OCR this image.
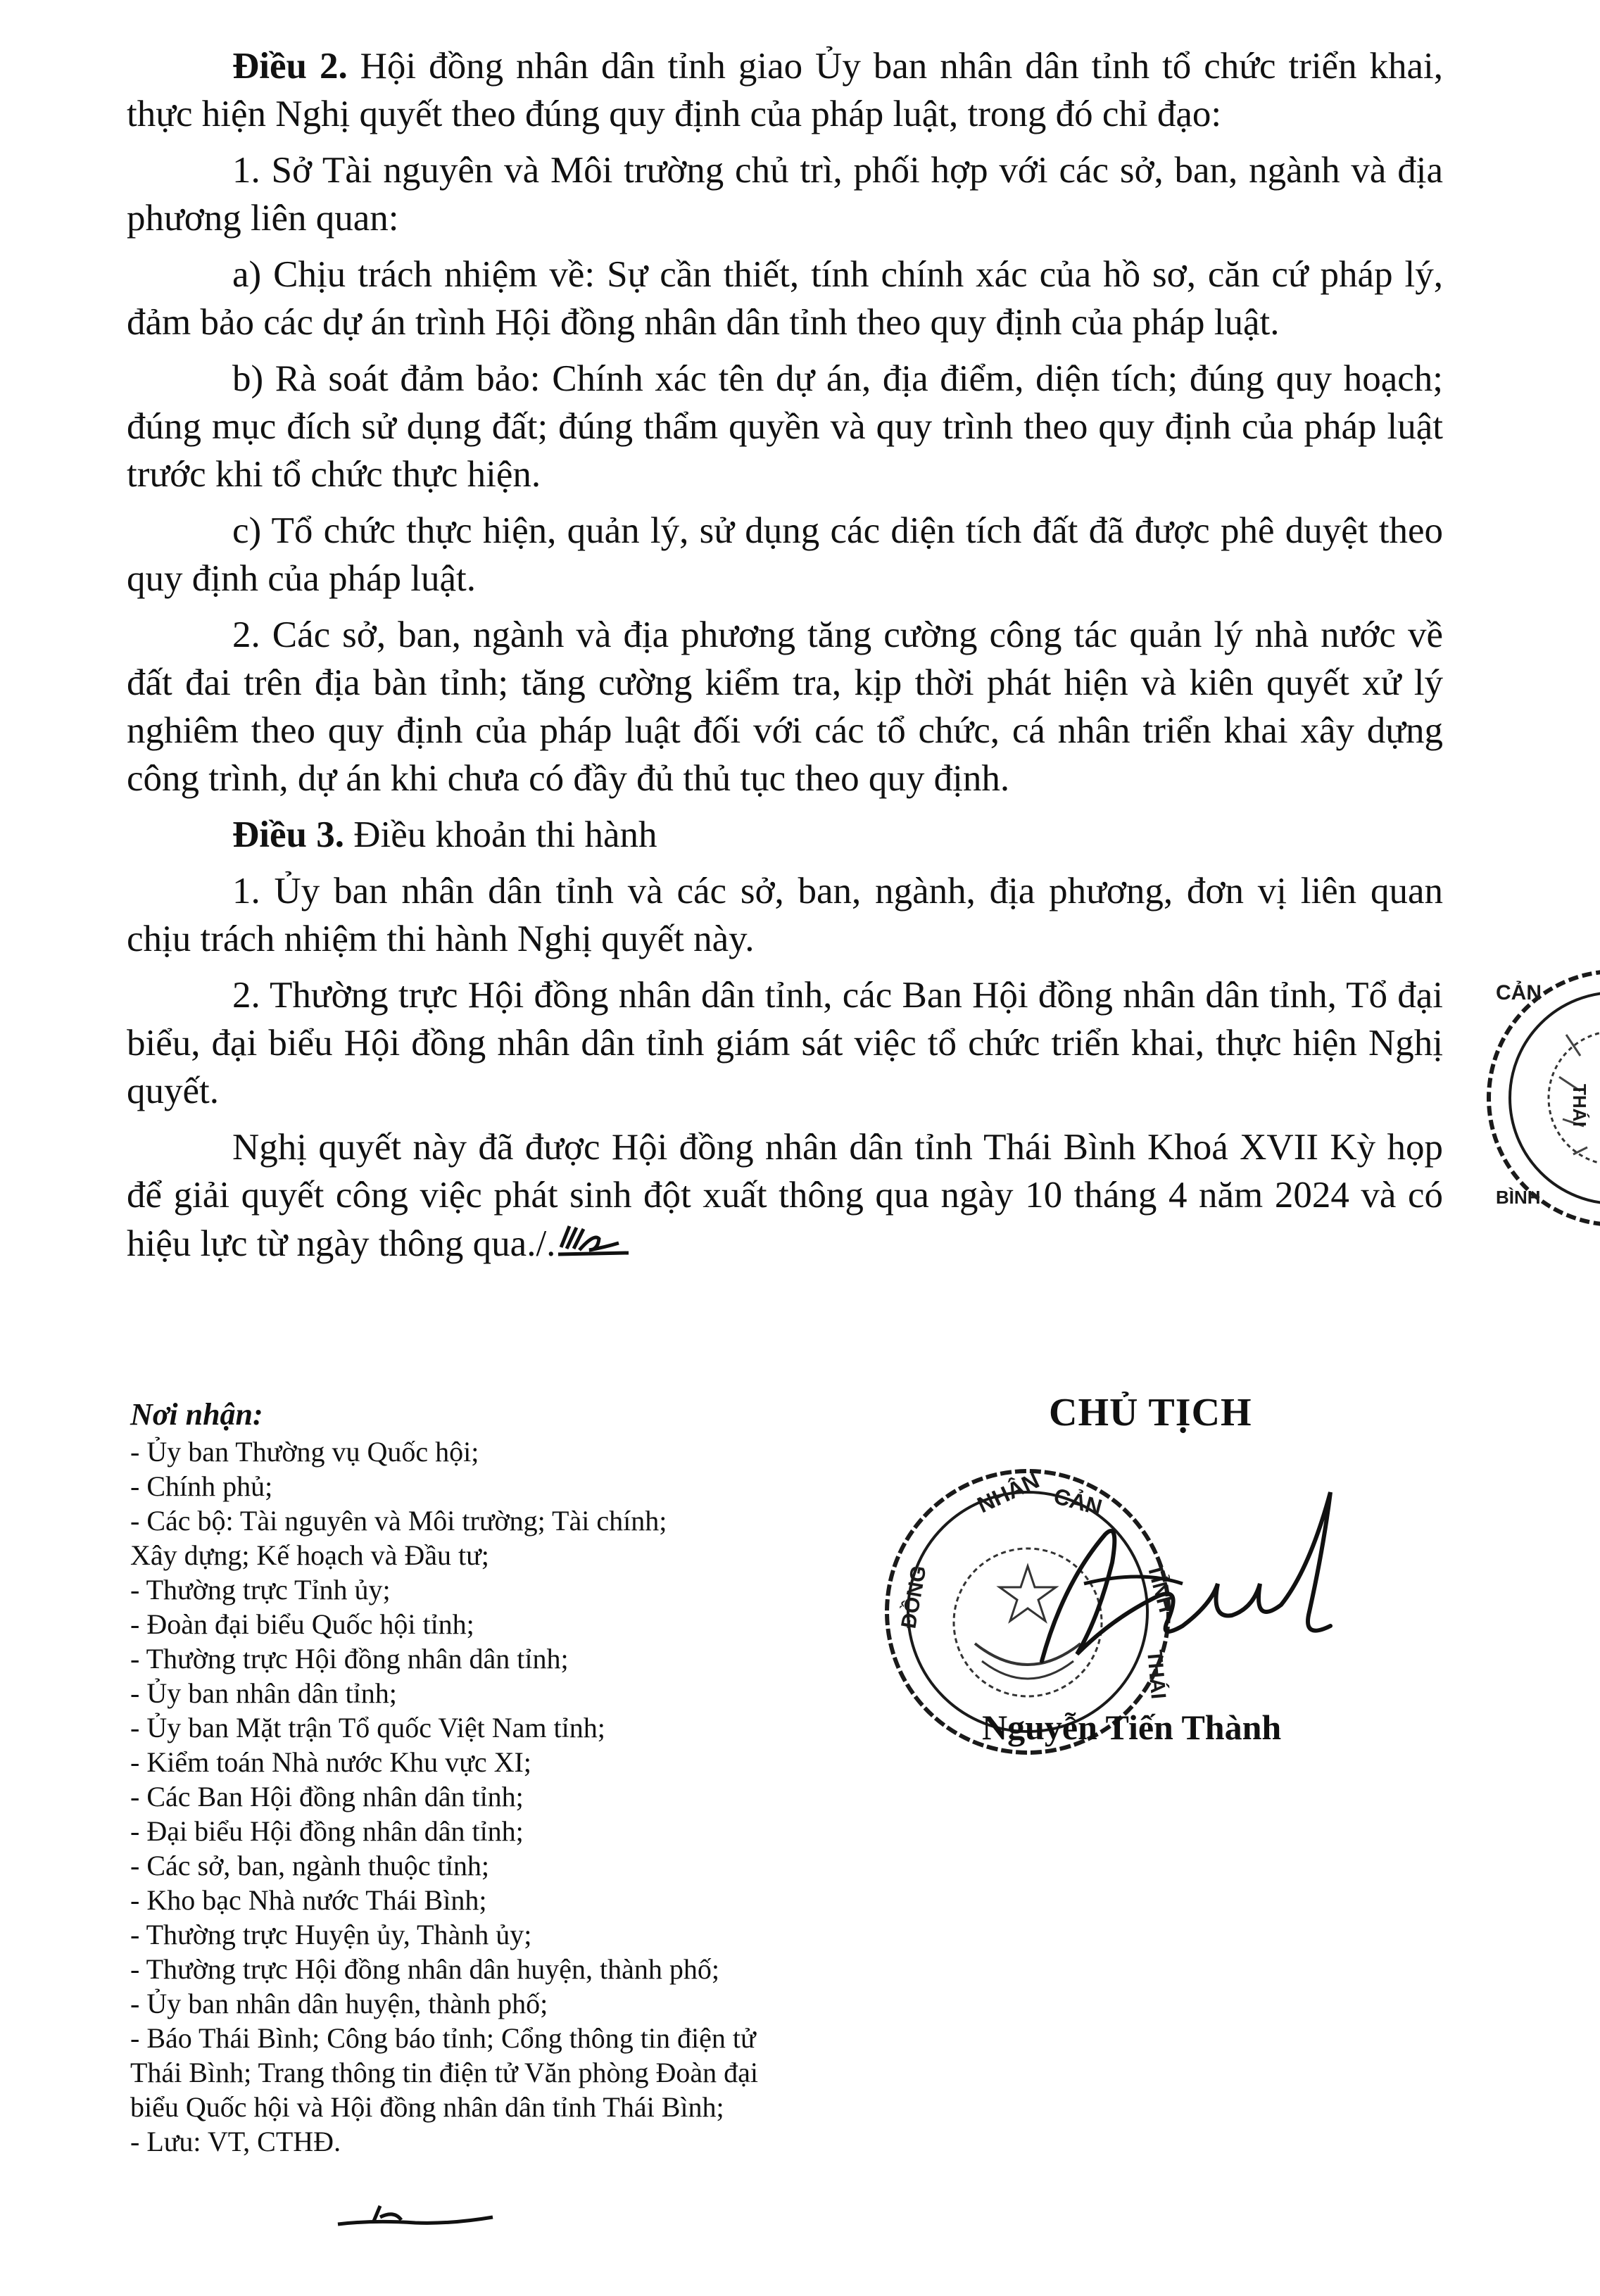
Điều 2. Hội đồng nhân dân tỉnh giao Ủy ban nhân dân tỉnh tổ chức triển khai, thực hiện Nghị quyết theo đúng quy định của pháp luật, trong đó chỉ đạo:

1. Sở Tài nguyên và Môi trường chủ trì, phối hợp với các sở, ban, ngành và địa phương liên quan:

a) Chịu trách nhiệm về: Sự cần thiết, tính chính xác của hồ sơ, căn cứ pháp lý, đảm bảo các dự án trình Hội đồng nhân dân tỉnh theo quy định của pháp luật.

b) Rà soát đảm bảo: Chính xác tên dự án, địa điểm, diện tích; đúng quy hoạch; đúng mục đích sử dụng đất; đúng thẩm quyền và quy trình theo quy định của pháp luật trước khi tổ chức thực hiện.

c) Tổ chức thực hiện, quản lý, sử dụng các diện tích đất đã được phê duyệt theo quy định của pháp luật.

2. Các sở, ban, ngành và địa phương tăng cường công tác quản lý nhà nước về đất đai trên địa bàn tỉnh; tăng cường kiểm tra, kịp thời phát hiện và kiên quyết xử lý nghiêm theo quy định của pháp luật đối với các tổ chức, cá nhân triển khai xây dựng công trình, dự án khi chưa có đầy đủ thủ tục theo quy định.

Điều 3. Điều khoản thi hành

1. Ủy ban nhân dân tỉnh và các sở, ban, ngành, địa phương, đơn vị liên quan chịu trách nhiệm thi hành Nghị quyết này.

2. Thường trực Hội đồng nhân dân tỉnh, các Ban Hội đồng nhân dân tỉnh, Tổ đại biểu, đại biểu Hội đồng nhân dân tỉnh giám sát việc tổ chức triển khai, thực hiện Nghị quyết.

Nghị quyết này đã được Hội đồng nhân dân tỉnh Thái Bình Khoá XVII Kỳ họp để giải quyết công việc phát sinh đột xuất thông qua ngày 10 tháng 4 năm 2024 và có hiệu lực từ ngày thông qua./.

CẢN
THÁI
BÌNH
Nơi nhận:
- Ủy ban Thường vụ Quốc hội;
- Chính phủ;
- Các bộ: Tài nguyên và Môi trường; Tài chính;
Xây dựng; Kế hoạch và Đầu tư;
- Thường trực Tỉnh ủy;
- Đoàn đại biểu Quốc hội tỉnh;
- Thường trực Hội đồng nhân dân tỉnh;
- Ủy ban nhân dân tỉnh;
- Ủy ban Mặt trận Tổ quốc Việt Nam tỉnh;
- Kiểm toán Nhà nước Khu vực XI;
- Các Ban Hội đồng nhân dân tỉnh;
- Đại biểu Hội đồng nhân dân tỉnh;
- Các sở, ban, ngành thuộc tỉnh;
- Kho bạc Nhà nước Thái Bình;
- Thường trực Huyện ủy, Thành ủy;
- Thường trực Hội đồng nhân dân huyện, thành phố;
- Ủy ban nhân dân huyện, thành phố;
- Báo Thái Bình; Công báo tỉnh; Cổng thông tin điện tử
Thái Bình; Trang thông tin điện tử Văn phòng Đoàn đại
biểu Quốc hội và Hội đồng nhân dân tỉnh Thái Bình;
- Lưu: VT, CTHĐ.
CHỦ TỊCH
NHÂN CẢN
ĐỒNG	TỈNH
THÁI
Nguyễn Tiến Thành
